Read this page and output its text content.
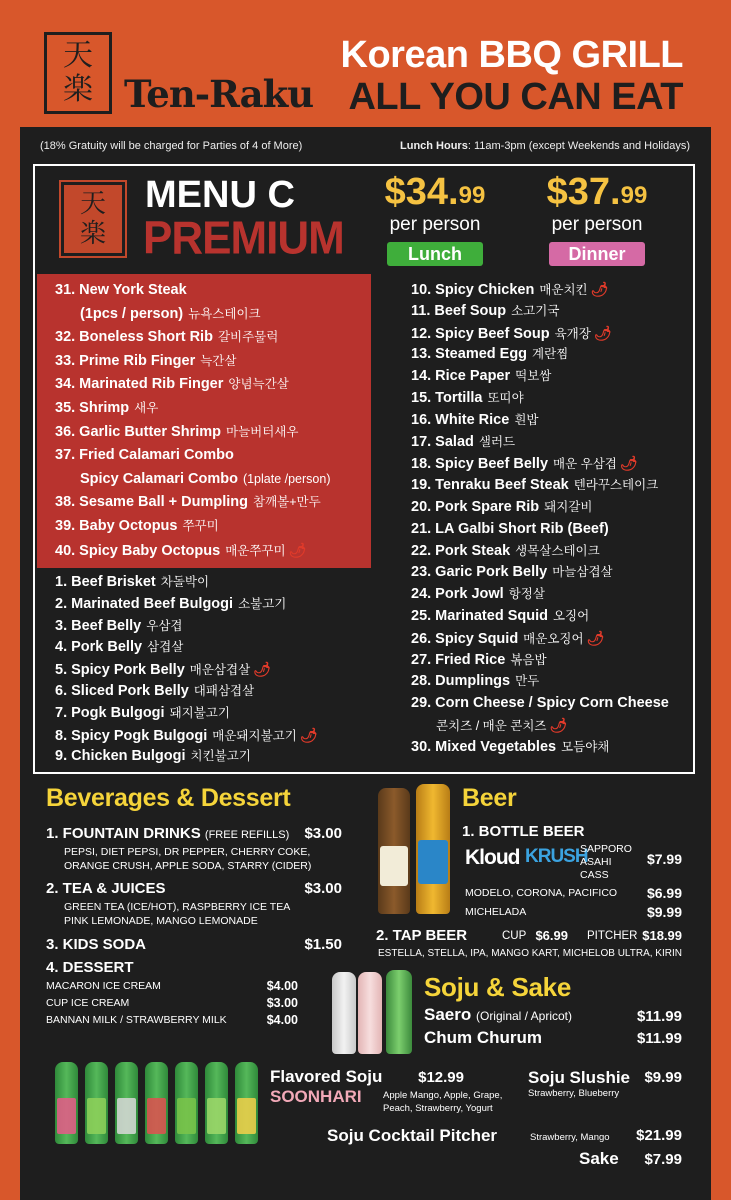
天
楽 Ten-Raku
Korean BBQ GRILL
ALL YOU CAN EAT
(18% Gratuity will be charged for Parties of 4 of More)	Lunch Hours: 11am-3pm (except Weekends and Holidays)
天
楽
MENU C
PREMIUM
$34.99
per person
Lunch
$37.99
per person
Dinner
31. New York Steak
(1pcs / person) 뉴욕스테이크
32. Boneless Short Rib 갈비주물럭
33. Prime Rib Finger 늑간살
34. Marinated Rib Finger 양념늑간살
35. Shrimp 새우
36. Garlic Butter Shrimp 마늘버터새우
37. Fried Calamari Combo
Spicy Calamari Combo (1plate /person)
38. Sesame Ball + Dumpling 참깨볼+만두
39. Baby Octopus 쭈꾸미
40. Spicy Baby Octopus 매운쭈꾸미 🌶
1. Beef Brisket 차돌박이
2. Marinated Beef Bulgogi 소불고기
3. Beef Belly 우삼겹
4. Pork Belly 삼겹살
5. Spicy Pork Belly 매운삼겹살 🌶
6. Sliced Pork Belly 대패삼겹살
7. Pogk Bulgogi 돼지불고기
8. Spicy Pogk Bulgogi 매운돼지불고기 🌶
9. Chicken Bulgogi 치킨불고기
10. Spicy Chicken 매운치킨 🌶
11. Beef Soup 소고기국
12. Spicy Beef Soup 육개장 🌶
13. Steamed Egg 계란찜
14. Rice Paper 떡보쌈
15. Tortilla 또띠야
16. White Rice 흰밥
17. Salad 샐러드
18. Spicy Beef Belly 매운 우삼겹 🌶
19. Tenraku Beef Steak 텐라꾸스테이크
20. Pork Spare Rib 돼지갈비
21. LA Galbi Short Rib (Beef)
22. Pork Steak 생목살스테이크
23. Garic Pork Belly 마늘삼겹살
24. Pork Jowl 항정살
25. Marinated Squid 오징어
26. Spicy Squid 매운오징어 🌶
27. Fried Rice 볶음밥
28. Dumplings 만두
29. Corn Cheese / Spicy Corn Cheese
콘치즈 / 매운 콘치즈 🌶
30. Mixed Vegetables 모듬야채
Beverages & Dessert
1. FOUNTAIN DRINKS (FREE REFILLS)	$3.00
PEPSI, DIET PEPSI, DR PEPPER, CHERRY COKE,
ORANGE CRUSH, APPLE SODA, STARRY (CIDER)
2. TEA & JUICES	$3.00
GREEN TEA (ICE/HOT), RASPBERRY ICE TEA
PINK LEMONADE, MANGO LEMONADE
3. KIDS SODA	$1.50
4. DESSERT
MACARON ICE CREAM	$4.00
CUP ICE CREAM	$3.00
BANNAN MILK / STRAWBERRY MILK	$4.00
Beer
1. BOTTLE BEER
Kloud KRUSH
SAPPORO
ASAHI
CASS
$7.99
MODELO, CORONA, PACIFICO	$6.99
MICHELADA	$9.99
2. TAP BEER	CUP $6.99 PITCHER $18.99
ESTELLA, STELLA, IPA, MANGO KART, MICHELOB ULTRA, KIRIN
Soju & Sake
Saero (Original / Apricot)	$11.99
Chum Churum	$11.99
Flavored Soju	$12.99
SOONHARI Apple Mango, Apple, Grape,
Peach, Strawberry, Yogurt
Soju Slushie $9.99
Strawberry, Blueberry
Soju Cocktail Pitcher	Strawberry, Mango	$21.99
Sake	$7.99
